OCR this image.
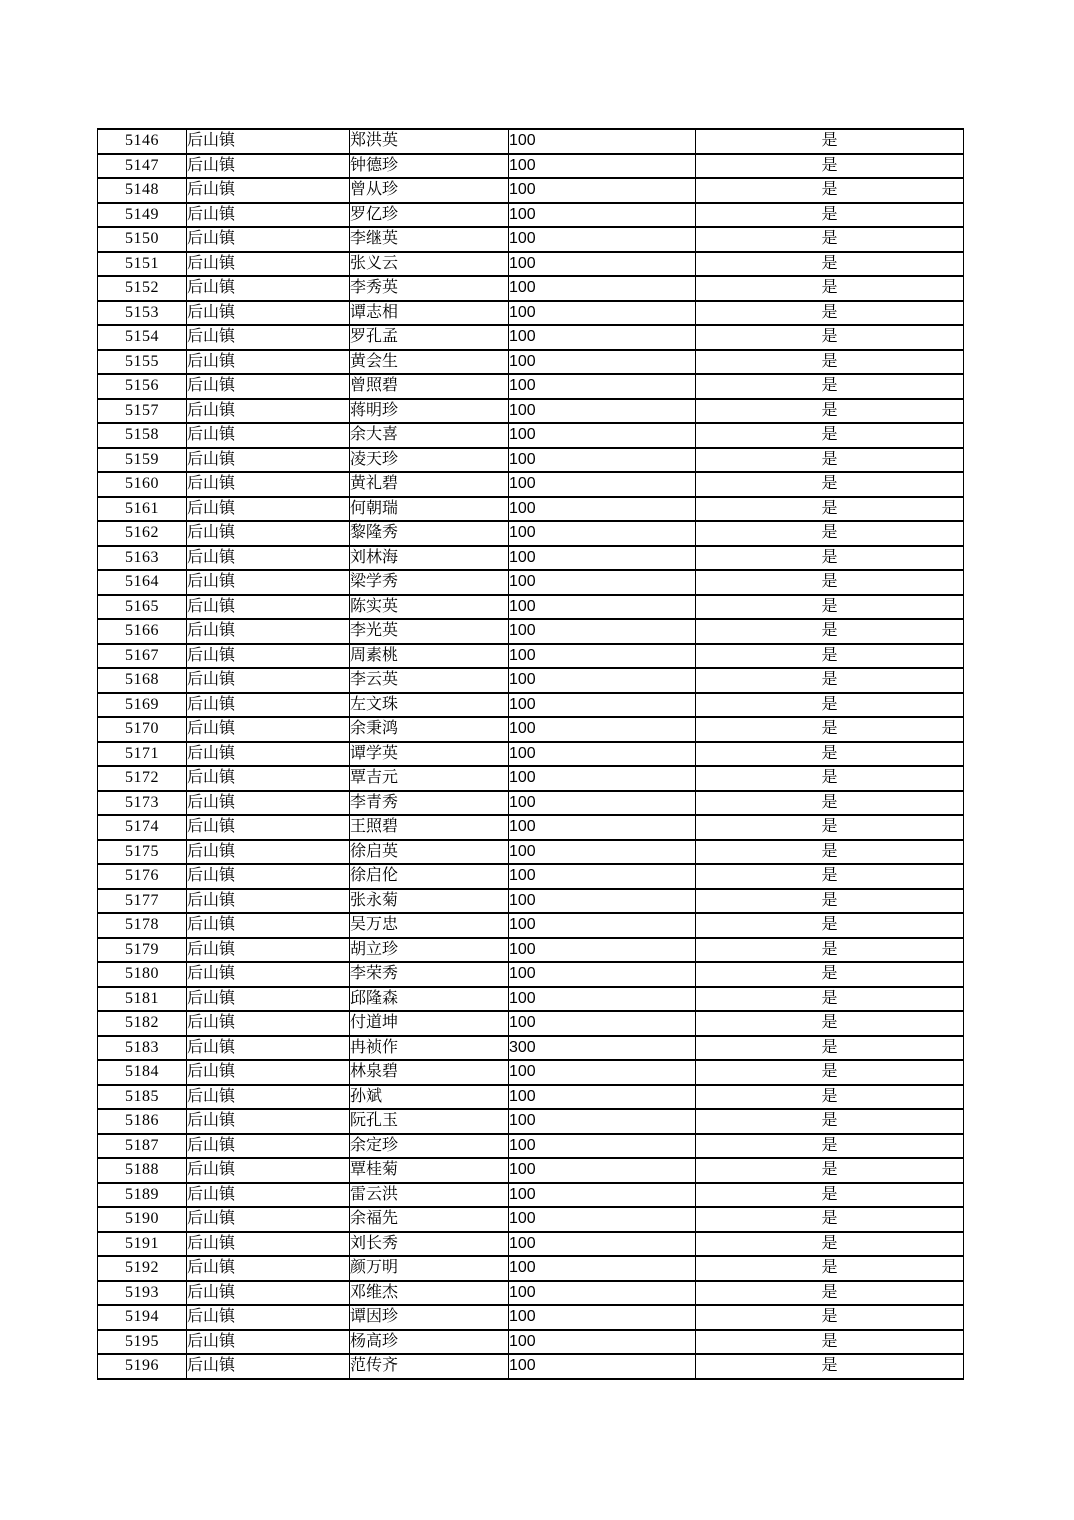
5146	后山镇	郑洪英	100	是
5147	后山镇	钟德珍	100	是
5148	后山镇	曾从珍	100	是
5149	后山镇	罗亿珍	100	是
5150	后山镇	李继英	100	是
5151	后山镇	张义云	100	是
5152	后山镇	李秀英	100	是
5153	后山镇	谭志相	100	是
5154	后山镇	罗孔孟	100	是
5155	后山镇	黄会生	100	是
5156	后山镇	曾照碧	100	是
5157	后山镇	蒋明珍	100	是
5158	后山镇	余大喜	100	是
5159	后山镇	凌天珍	100	是
5160	后山镇	黄礼碧	100	是
5161	后山镇	何朝瑞	100	是
5162	后山镇	黎隆秀	100	是
5163	后山镇	刘林海	100	是
5164	后山镇	梁学秀	100	是
5165	后山镇	陈实英	100	是
5166	后山镇	李光英	100	是
5167	后山镇	周素桃	100	是
5168	后山镇	李云英	100	是
5169	后山镇	左文珠	100	是
5170	后山镇	余秉鸿	100	是
5171	后山镇	谭学英	100	是
5172	后山镇	覃吉元	100	是
5173	后山镇	李青秀	100	是
5174	后山镇	王照碧	100	是
5175	后山镇	徐启英	100	是
5176	后山镇	徐启伦	100	是
5177	后山镇	张永菊	100	是
5178	后山镇	吴万忠	100	是
5179	后山镇	胡立珍	100	是
5180	后山镇	李荣秀	100	是
5181	后山镇	邱隆森	100	是
5182	后山镇	付道坤	100	是
5183	后山镇	冉祯作	300	是
5184	后山镇	林泉碧	100	是
5185	后山镇	孙斌	100	是
5186	后山镇	阮孔玉	100	是
5187	后山镇	余定珍	100	是
5188	后山镇	覃桂菊	100	是
5189	后山镇	雷云洪	100	是
5190	后山镇	余福先	100	是
5191	后山镇	刘长秀	100	是
5192	后山镇	颜万明	100	是
5193	后山镇	邓维杰	100	是
5194	后山镇	谭因珍	100	是
5195	后山镇	杨高珍	100	是
5196	后山镇	范传齐	100	是
